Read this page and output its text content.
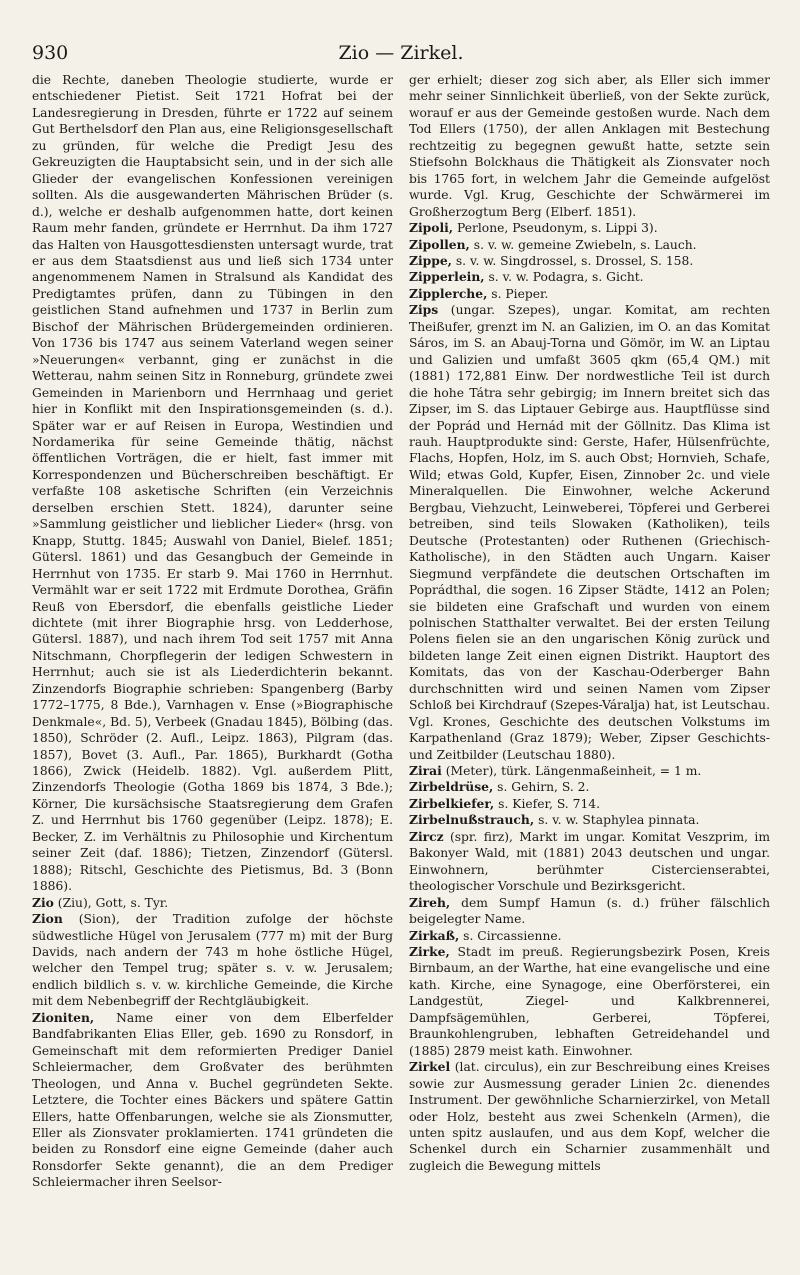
930	Zio — Zirkel.

die Rechte, daneben Theologie studierte, wurde er entschiedener Pietist. Seit 1721 Hofrat bei der Landesregierung in Dresden, führte er 1722 auf seinem Gut Berthelsdorf den Plan aus, eine Religionsgesellschaft zu gründen, für welche die Predigt Jesu des Gekreuzigten die Hauptabsicht sein, und in der sich alle Glieder der evangelischen Konfessionen vereinigen sollten. Als die ausgewanderten Mährischen Brüder (s. d.), welche er deshalb aufgenommen hatte, dort keinen Raum mehr fanden, gründete er Herrnhut. Da ihm 1727 das Halten von Hausgottesdiensten untersagt wurde, trat er aus dem Staatsdienst aus und ließ sich 1734 unter angenommenem Namen in Stralsund als Kandidat des Predigtamtes prüfen, dann zu Tübingen in den geistlichen Stand aufnehmen und 1737 in Berlin zum Bischof der Mährischen Brüdergemeinden ordinieren. Von 1736 bis 1747 aus seinem Vaterland wegen seiner »Neuerungen« verbannt, ging er zunächst in die Wetterau, nahm seinen Sitz in Ronneburg, gründete zwei Gemeinden in Marienborn und Herrnhaag und geriet hier in Konflikt mit den Inspirationsgemeinden (s. d.). Später war er auf Reisen in Europa, Westindien und Nordamerika für seine Gemeinde thätig, nächst öffentlichen Vorträgen, die er hielt, fast immer mit Korrespondenzen und Bücherschreiben beschäftigt. Er verfaßte 108 asketische Schriften (ein Verzeichnis derselben erschien Stett. 1824), darunter seine »Sammlung geistlicher und lieblicher Lieder« (hrsg. von Knapp, Stuttg. 1845; Auswahl von Daniel, Bielef. 1851; Gütersl. 1861) und das Gesangbuch der Gemeinde in Herrnhut von 1735. Er starb 9. Mai 1760 in Herrnhut. Vermählt war er seit 1722 mit Erdmute Dorothea, Gräfin Reuß von Ebersdorf, die ebenfalls geistliche Lieder dichtete (mit ihrer Biographie hrsg. von Ledderhose, Gütersl. 1887), und nach ihrem Tod seit 1757 mit Anna Nitschmann, Chorpflegerin der ledigen Schwestern in Herrnhut; auch sie ist als Liederdichterin bekannt. Zinzendorfs Biographie schrieben: Spangenberg (Barby 1772–1775, 8 Bde.), Varnhagen v. Ense (»Biographische Denkmale«, Bd. 5), Verbeek (Gnadau 1845), Bölbing (das. 1850), Schröder (2. Aufl., Leipz. 1863), Pilgram (das. 1857), Bovet (3. Aufl., Par. 1865), Burkhardt (Gotha 1866), Zwick (Heidelb. 1882). Vgl. außerdem Plitt, Zinzendorfs Theologie (Gotha 1869 bis 1874, 3 Bde.); Körner, Die kursächsische Staatsregierung dem Grafen Z. und Herrnhut bis 1760 gegenüber (Leipz. 1878); E. Becker, Z. im Verhältnis zu Philosophie und Kirchentum seiner Zeit (daf. 1886); Tietzen, Zinzendorf (Gütersl. 1888); Ritschl, Geschichte des Pietismus, Bd. 3 (Bonn 1886).

Zio (Ziu), Gott, s. Tyr.

Zion (Sion), der Tradition zufolge der höchste südwestliche Hügel von Jerusalem (777 m) mit der Burg Davids, nach andern der 743 m hohe östliche Hügel, welcher den Tempel trug; später s. v. w. Jerusalem; endlich bildlich s. v. w. kirchliche Gemeinde, die Kirche mit dem Nebenbegriff der Rechtgläubigkeit.

Zioniten, Name einer von dem Elberfelder Bandfabrikanten Elias Eller, geb. 1690 zu Ronsdorf, in Gemeinschaft mit dem reformierten Prediger Daniel Schleiermacher, dem Großvater des berühmten Theologen, und Anna v. Buchel gegründeten Sekte. Letztere, die Tochter eines Bäckers und spätere Gattin Ellers, hatte Offenbarungen, welche sie als Zionsmutter, Eller als Zionsvater proklamierten. 1741 gründeten die beiden zu Ronsdorf eine eigne Gemeinde (daher auch Ronsdorfer Sekte genannt), die an dem Prediger Schleiermacher ihren Seelsor-

ger erhielt; dieser zog sich aber, als Eller sich immer mehr seiner Sinnlichkeit überließ, von der Sekte zurück, worauf er aus der Gemeinde gestoßen wurde. Nach dem Tod Ellers (1750), der allen Anklagen mit Bestechung rechtzeitig zu begegnen gewußt hatte, setzte sein Stiefsohn Bolckhaus die Thätigkeit als Zionsvater noch bis 1765 fort, in welchem Jahr die Gemeinde aufgelöst wurde. Vgl. Krug, Geschichte der Schwärmerei im Großherzogtum Berg (Elberf. 1851).

Zipoli, Perlone, Pseudonym, s. Lippi 3).

Zipollen, s. v. w. gemeine Zwiebeln, s. Lauch.

Zippe, s. v. w. Singdrossel, s. Drossel, S. 158.

Zipperlein, s. v. w. Podagra, s. Gicht.

Zipplerche, s. Pieper.

Zips (ungar. Szepes), ungar. Komitat, am rechten Theißufer, grenzt im N. an Galizien, im O. an das Komitat Sáros, im S. an Abauj-Torna und Gömör, im W. an Liptau und Galizien und umfaßt 3605 qkm (65,4 QM.) mit (1881) 172,881 Einw. Der nordwestliche Teil ist durch die hohe Tátra sehr gebirgig; im Innern breitet sich das Zipser, im S. das Liptauer Gebirge aus. Hauptflüsse sind der Poprád und Hernád mit der Göllnitz. Das Klima ist rauh. Hauptprodukte sind: Gerste, Hafer, Hülsenfrüchte, Flachs, Hopfen, Holz, im S. auch Obst; Hornvieh, Schafe, Wild; etwas Gold, Kupfer, Eisen, Zinnober 2c. und viele Mineralquellen. Die Einwohner, welche Ackerund Bergbau, Viehzucht, Leinweberei, Töpferei und Gerberei betreiben, sind teils Slowaken (Katholiken), teils Deutsche (Protestanten) oder Ruthenen (Griechisch-Katholische), in den Städten auch Ungarn. Kaiser Siegmund verpfändete die deutschen Ortschaften im Poprádthal, die sogen. 16 Zipser Städte, 1412 an Polen; sie bildeten eine Grafschaft und wurden von einem polnischen Statthalter verwaltet. Bei der ersten Teilung Polens fielen sie an den ungarischen König zurück und bildeten lange Zeit einen eignen Distrikt. Hauptort des Komitats, das von der Kaschau-Oderberger Bahn durchschnitten wird und seinen Namen vom Zipser Schloß bei Kirchdrauf (Szepes-Váralja) hat, ist Leutschau. Vgl. Krones, Geschichte des deutschen Volkstums im Karpathenland (Graz 1879); Weber, Zipser Geschichts- und Zeitbilder (Leutschau 1880).

Zirai (Meter), türk. Längenmaßeinheit, = 1 m.

Zirbeldrüse, s. Gehirn, S. 2.

Zirbelkiefer, s. Kiefer, S. 714.

Zirbelnußstrauch, s. v. w. Staphylea pinnata.

Zircz (spr. firz), Markt im ungar. Komitat Veszprim, im Bakonyer Wald, mit (1881) 2043 deutschen und ungar. Einwohnern, berühmter Cistercienserabtei, theologischer Vorschule und Bezirksgericht.

Zireh, dem Sumpf Hamun (s. d.) früher fälschlich beigelegter Name.

Zirkaß, s. Circassienne.

Zirke, Stadt im preuß. Regierungsbezirk Posen, Kreis Birnbaum, an der Warthe, hat eine evangelische und eine kath. Kirche, eine Synagoge, eine Oberförsterei, ein Landgestüt, Ziegel- und Kalkbrennerei, Dampfsägemühlen, Gerberei, Töpferei, Braunkohlengruben, lebhaften Getreidehandel und (1885) 2879 meist kath. Einwohner.

Zirkel (lat. circulus), ein zur Beschreibung eines Kreises sowie zur Ausmessung gerader Linien 2c. dienendes Instrument. Der gewöhnliche Scharnierzirkel, von Metall oder Holz, besteht aus zwei Schenkeln (Armen), die unten spitz auslaufen, und aus dem Kopf, welcher die Schenkel durch ein Scharnier zusammenhält und zugleich die Bewegung mittels
